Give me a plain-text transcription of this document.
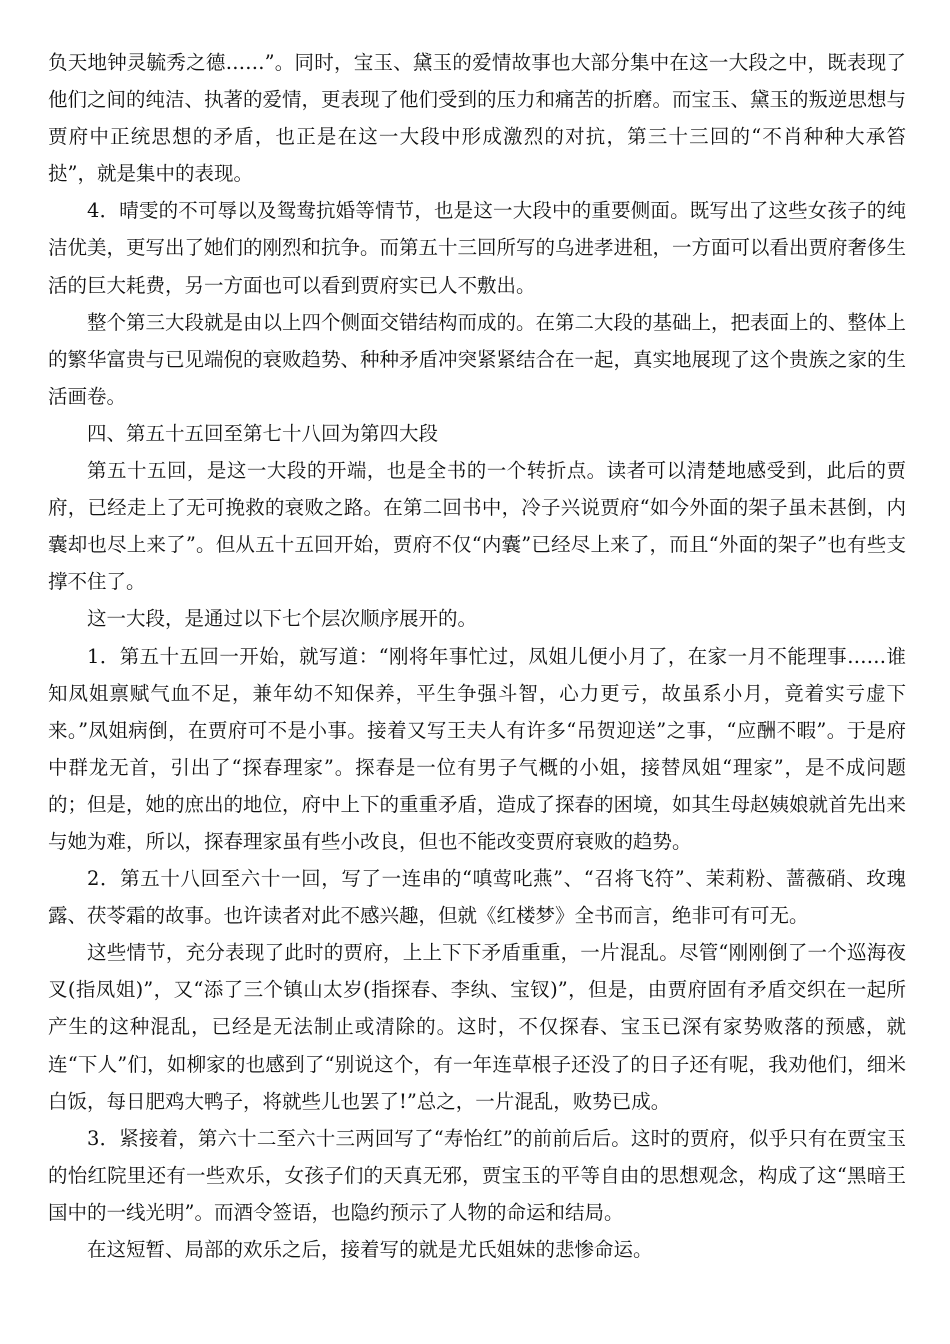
负天地钟灵毓秀之德……”。同时，宝玉、黛玉的爱情故事也大部分集中在这一大段之中，既表现了他们之间的纯洁、执著的爱情，更表现了他们受到的压力和痛苦的折磨。而宝玉、黛玉的叛逆思想与贾府中正统思想的矛盾，也正是在这一大段中形成激烈的对抗，第三十三回的“不肖种种大承笞挞”，就是集中的表现。

4．晴雯的不可辱以及鸳鸯抗婚等情节，也是这一大段中的重要侧面。既写出了这些女孩子的纯洁优美，更写出了她们的刚烈和抗争。而第五十三回所写的乌进孝进租，一方面可以看出贾府奢侈生活的巨大耗费，另一方面也可以看到贾府实已人不敷出。

整个第三大段就是由以上四个侧面交错结构而成的。在第二大段的基础上，把表面上的、整体上的繁华富贵与已见端倪的衰败趋势、种种矛盾冲突紧紧结合在一起，真实地展现了这个贵族之家的生活画卷。

四、第五十五回至第七十八回为第四大段

第五十五回，是这一大段的开端，也是全书的一个转折点。读者可以清楚地感受到，此后的贾府，已经走上了无可挽救的衰败之路。在第二回书中，冷子兴说贾府“如今外面的架子虽未甚倒，内囊却也尽上来了”。但从五十五回开始，贾府不仅“内囊”已经尽上来了，而且“外面的架子”也有些支撑不住了。

这一大段，是通过以下七个层次顺序展开的。

1．第五十五回一开始，就写道：“刚将年事忙过，凤姐儿便小月了，在家一月不能理事……谁知凤姐禀赋气血不足，兼年幼不知保养，平生争强斗智，心力更亏，故虽系小月，竟着实亏虚下来。”凤姐病倒，在贾府可不是小事。接着又写王夫人有许多“吊贺迎送”之事，“应酬不暇”。于是府中群龙无首，引出了“探春理家”。探春是一位有男子气概的小姐，接替凤姐“理家”，是不成问题的；但是，她的庶出的地位，府中上下的重重矛盾，造成了探春的困境，如其生母赵姨娘就首先出来与她为难，所以，探春理家虽有些小改良，但也不能改变贾府衰败的趋势。

2．第五十八回至六十一回，写了一连串的“嗔莺叱燕”、“召将飞符”、茉莉粉、蔷薇硝、玫瑰露、茯苓霜的故事。也许读者对此不感兴趣，但就《红楼梦》全书而言，绝非可有可无。

这些情节，充分表现了此时的贾府，上上下下矛盾重重，一片混乱。尽管“刚刚倒了一个巡海夜叉(指凤姐)”，又“添了三个镇山太岁(指探春、李纨、宝钗)”，但是，由贾府固有矛盾交织在一起所产生的这种混乱，已经是无法制止或清除的。这时，不仅探春、宝玉已深有家势败落的预感，就连“下人”们，如柳家的也感到了“别说这个，有一年连草根子还没了的日子还有呢，我劝他们，细米白饭，每日肥鸡大鸭子，将就些儿也罢了!”总之，一片混乱，败势已成。

3．紧接着，第六十二至六十三两回写了“寿怡红”的前前后后。这时的贾府，似乎只有在贾宝玉的怡红院里还有一些欢乐，女孩子们的天真无邪，贾宝玉的平等自由的思想观念，构成了这“黑暗王国中的一线光明”。而酒令签语，也隐约预示了人物的命运和结局。

在这短暂、局部的欢乐之后，接着写的就是尤氏姐妹的悲惨命运。
